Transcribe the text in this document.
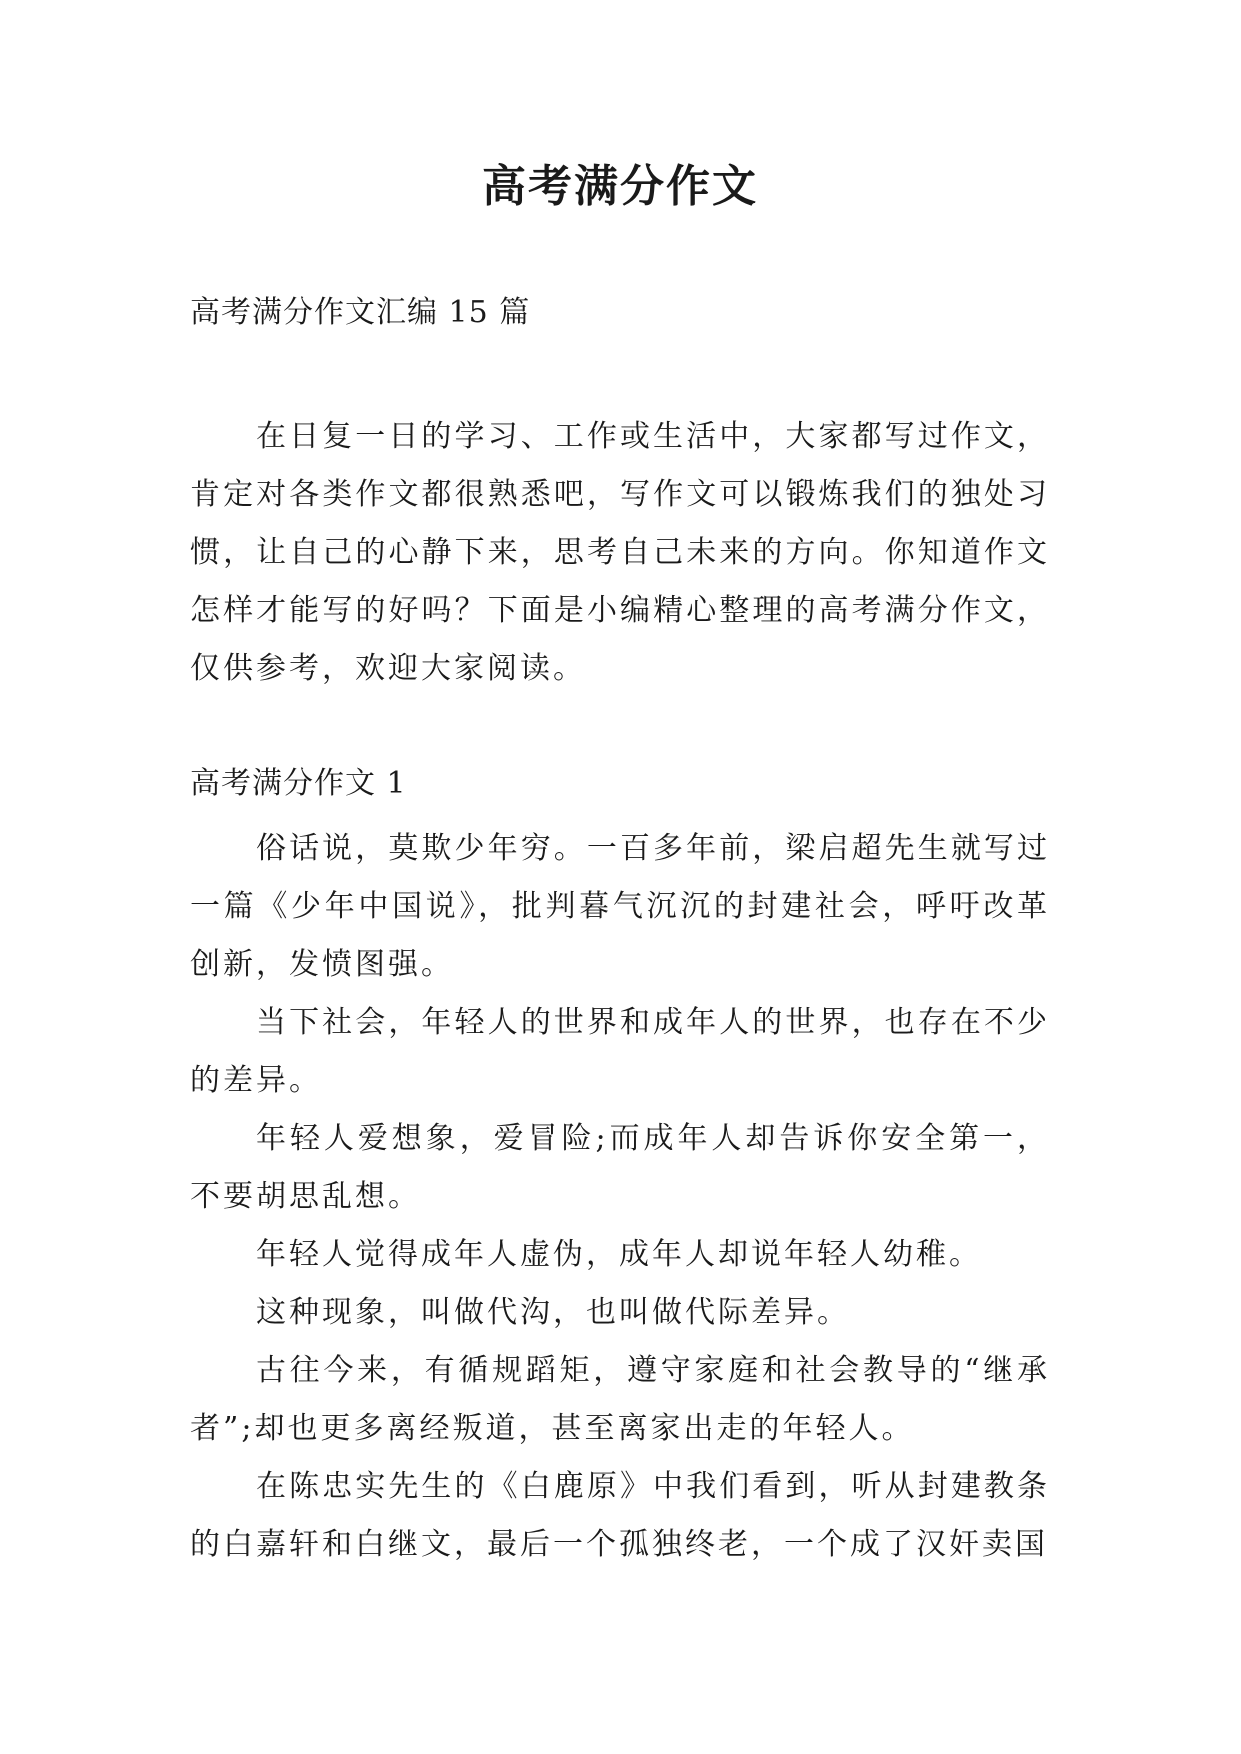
高考满分作文

高考满分作文汇编 15 篇

在日复一日的学习、工作或生活中，大家都写过作文，肯定对各类作文都很熟悉吧，写作文可以锻炼我们的独处习惯，让自己的心静下来，思考自己未来的方向。你知道作文怎样才能写的好吗？下面是小编精心整理的高考满分作文，仅供参考，欢迎大家阅读。

高考满分作文 1

俗话说，莫欺少年穷。一百多年前，梁启超先生就写过一篇《少年中国说》，批判暮气沉沉的封建社会，呼吁改革创新，发愤图强。

当下社会，年轻人的世界和成年人的世界，也存在不少的差异。

年轻人爱想象，爱冒险;而成年人却告诉你安全第一，不要胡思乱想。

年轻人觉得成年人虚伪，成年人却说年轻人幼稚。

这种现象，叫做代沟，也叫做代际差异。

古往今来，有循规蹈矩，遵守家庭和社会教导的“继承者”;却也更多离经叛道，甚至离家出走的年轻人。

在陈忠实先生的《白鹿原》中我们看到，听从封建教条的白嘉轩和白继文，最后一个孤独终老，一个成了汉奸卖国
